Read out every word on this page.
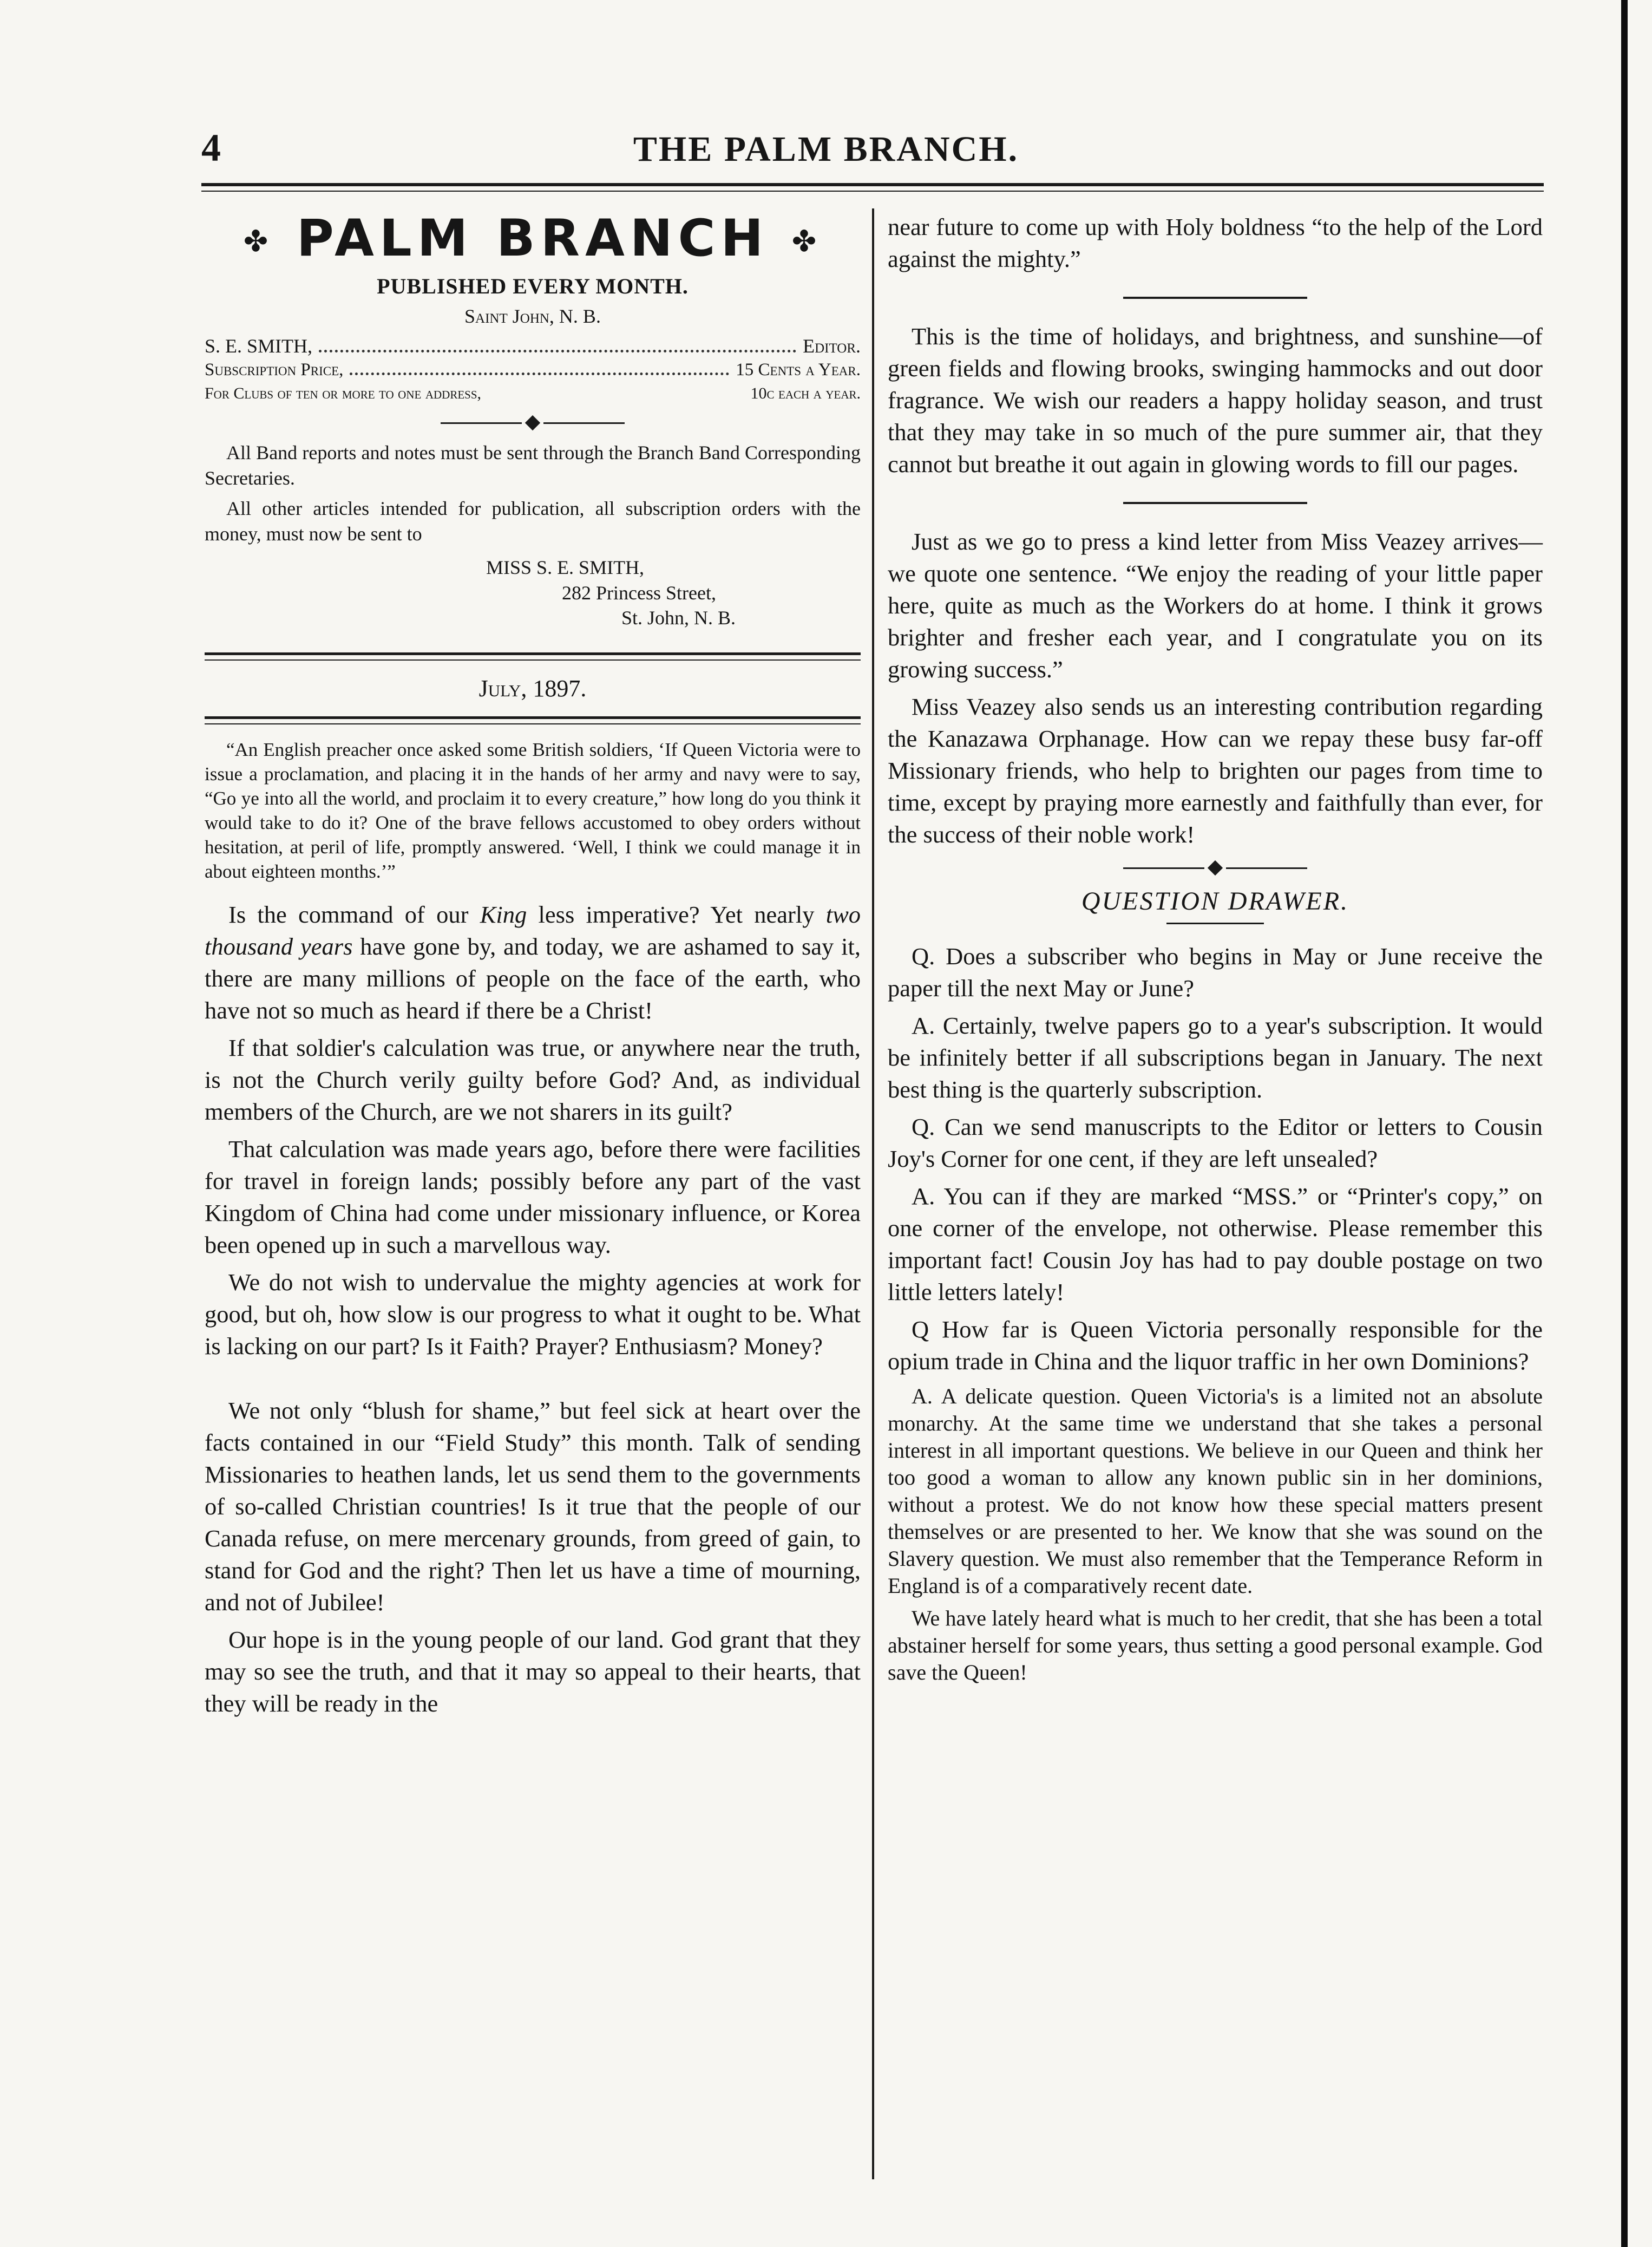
4	THE PALM BRANCH.
✤ PALM BRANCH ✤
PUBLISHED EVERY MONTH.
Saint John, N. B.
S. E. SMITH,	Editor.
Subscription Price,	15 Cents a Year.
For Clubs of ten or more to one address,	10c each a year.

All Band reports and notes must be sent through the Branch Band Corresponding Secretaries.

All other articles intended for publication, all subscription orders with the money, must now be sent to

MISS S. E. SMITH,
282 Princess Street,
St. John, N. B.
July, 1897.
“An English preacher once asked some British soldiers, ‘If Queen Victoria were to issue a proclamation, and placing it in the hands of her army and navy were to say, “Go ye into all the world, and proclaim it to every creature,” how long do you think it would take to do it? One of the brave fellows accustomed to obey orders without hesitation, at peril of life, promptly answered. ‘Well, I think we could manage it in about eighteen months.’”

Is the command of our King less imperative? Yet nearly two thousand years have gone by, and today, we are ashamed to say it, there are many millions of people on the face of the earth, who have not so much as heard if there be a Christ!

If that soldier's calculation was true, or anywhere near the truth, is not the Church verily guilty before God? And, as individual members of the Church, are we not sharers in its guilt?

That calculation was made years ago, before there were facilities for travel in foreign lands; possibly before any part of the vast Kingdom of China had come under missionary influence, or Korea been opened up in such a marvellous way.

We do not wish to undervalue the mighty agencies at work for good, but oh, how slow is our progress to what it ought to be. What is lacking on our part? Is it Faith? Prayer? Enthusiasm? Money?

We not only “blush for shame,” but feel sick at heart over the facts contained in our “Field Study” this month. Talk of sending Missionaries to heathen lands, let us send them to the governments of so-called Christian countries! Is it true that the people of our Canada refuse, on mere mercenary grounds, from greed of gain, to stand for God and the right? Then let us have a time of mourning, and not of Jubilee!

Our hope is in the young people of our land. God grant that they may so see the truth, and that it may so appeal to their hearts, that they will be ready in the

near future to come up with Holy boldness “to the help of the Lord against the mighty.”

This is the time of holidays, and brightness, and sunshine—of green fields and flowing brooks, swinging hammocks and out door fragrance. We wish our readers a happy holiday season, and trust that they may take in so much of the pure summer air, that they cannot but breathe it out again in glowing words to fill our pages.

Just as we go to press a kind letter from Miss Veazey arrives—we quote one sentence. “We enjoy the reading of your little paper here, quite as much as the Workers do at home. I think it grows brighter and fresher each year, and I congratulate you on its growing success.”

Miss Veazey also sends us an interesting contribution regarding the Kanazawa Orphanage. How can we repay these busy far-off Missionary friends, who help to brighten our pages from time to time, except by praying more earnestly and faithfully than ever, for the success of their noble work!

QUESTION DRAWER.

Q. Does a subscriber who begins in May or June receive the paper till the next May or June?

A. Certainly, twelve papers go to a year's subscription. It would be infinitely better if all subscriptions began in January. The next best thing is the quarterly subscription.

Q. Can we send manuscripts to the Editor or letters to Cousin Joy's Corner for one cent, if they are left unsealed?

A. You can if they are marked “MSS.” or “Printer's copy,” on one corner of the envelope, not otherwise. Please remember this important fact! Cousin Joy has had to pay double postage on two little letters lately!

Q How far is Queen Victoria personally responsible for the opium trade in China and the liquor traffic in her own Dominions?

A. A delicate question. Queen Victoria's is a limited not an absolute monarchy. At the same time we understand that she takes a personal interest in all important questions. We believe in our Queen and think her too good a woman to allow any known public sin in her dominions, without a protest. We do not know how these special matters present themselves or are presented to her. We know that she was sound on the Slavery question. We must also remember that the Temperance Reform in England is of a comparatively recent date.

We have lately heard what is much to her credit, that she has been a total abstainer herself for some years, thus setting a good personal example. God save the Queen!
